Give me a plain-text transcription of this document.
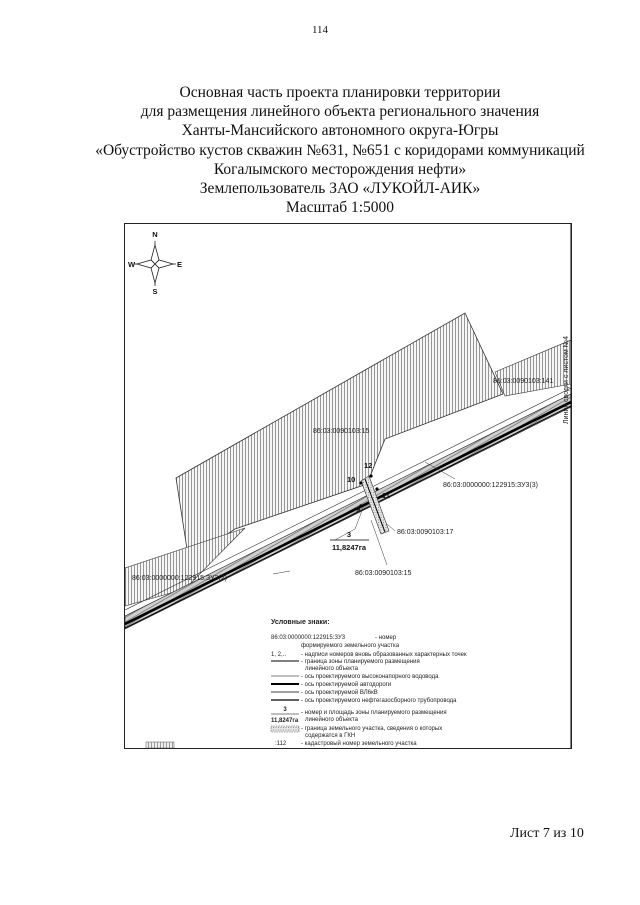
114
Основная часть проекта планировки территории
для размещения линейного объекта регионального значения
Ханты-Мансийского автономного округа-Югры
«Обустройство кустов скважин №631, №651 с коридорами коммуникаций
Когалымского месторождения нефти»
Землепользователь ЗАО «ЛУКОЙЛ-АИК»
Масштаб 1:5000
N
S
W	E
Линия сводки с листом №4
86:03:0090103:141
86:03:0090103:15
86:03:0000000:122915:ЗУ3(3)
86:03:0090103:17
86:03:0090103:15
86:03:0000000:122915:ЗУ3(2)
12
10
11
9
3
11,8247га
Условные знаки:
86:03:0000000:122915:ЗУ3	- номер
формируемого земельного участка
1, 2,.. - надписи номеров вновь образованных характерных точек
- граница зоны планируемого размещения
линейного объекта
- ось проектируемого высоконапорного водовода
- ось проектируемой автодороги
- ось проектируемой ВЛ6кВ
- ось проектируемого нефтегазосборного трубопровода
3
11,8247га
- номер и площадь зоны планируемого размещения
линейного объекта
- граница земельного участка, сведения о которых
содержатся в ГКН
:112 - кадастровый номер земельного участка
Лист 7 из 10
